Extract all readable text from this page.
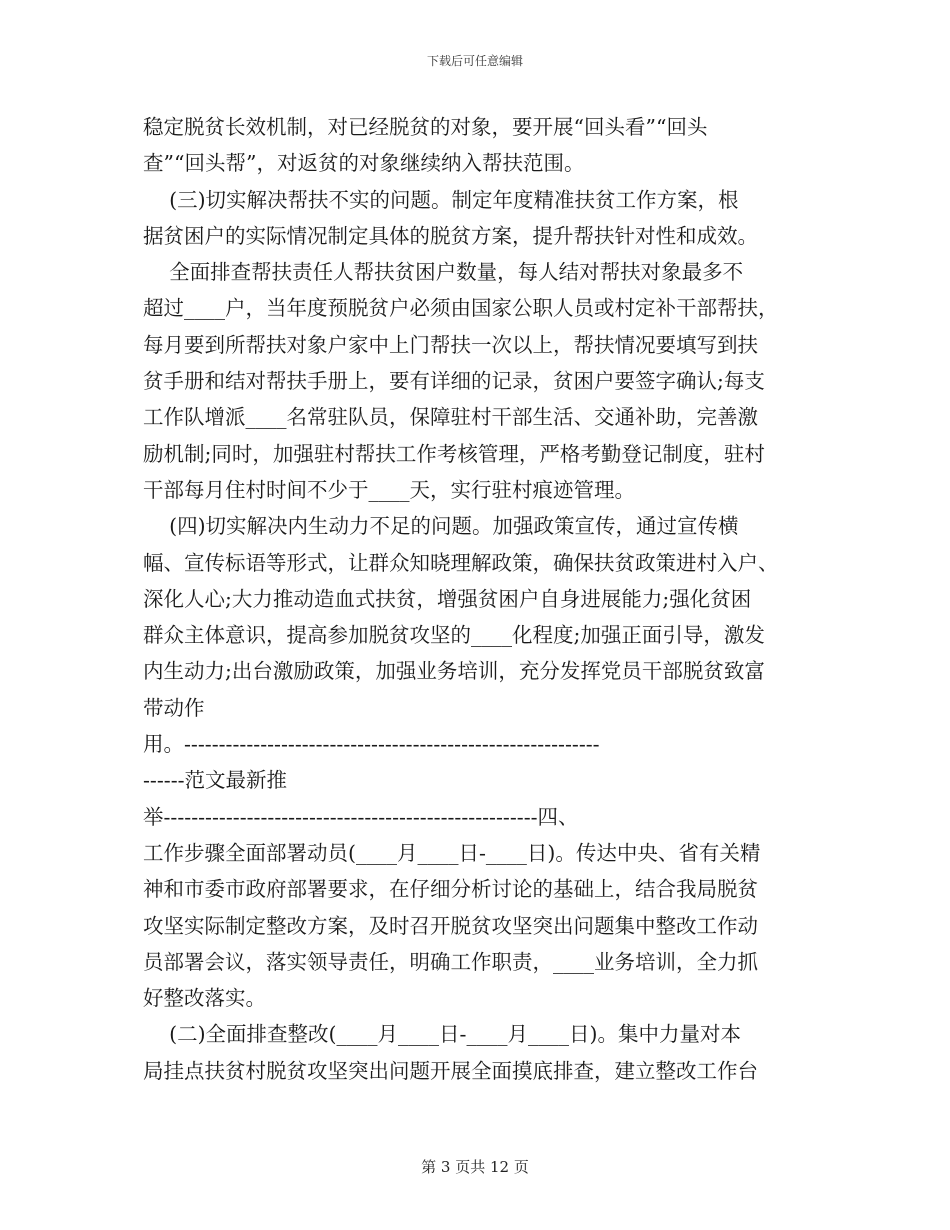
下载后可任意编辑
稳定脱贫长效机制，对已经脱贫的对象，要开展“回头看”“回头
查”“回头帮”，对返贫的对象继续纳入帮扶范围。
(三)切实解决帮扶不实的问题。制定年度精准扶贫工作方案，根
据贫困户的实际情况制定具体的脱贫方案，提升帮扶针对性和成效。
全面排查帮扶责任人帮扶贫困户数量，每人结对帮扶对象最多不
超过____户，当年度预脱贫户必须由国家公职人员或村定补干部帮扶，
每月要到所帮扶对象户家中上门帮扶一次以上，帮扶情况要填写到扶
贫手册和结对帮扶手册上，要有详细的记录，贫困户要签字确认;每支
工作队增派____名常驻队员，保障驻村干部生活、交通补助，完善激
励机制;同时，加强驻村帮扶工作考核管理，严格考勤登记制度，驻村
干部每月住村时间不少于____天，实行驻村痕迹管理。
(四)切实解决内生动力不足的问题。加强政策宣传，通过宣传横
幅、宣传标语等形式，让群众知晓理解政策，确保扶贫政策进村入户、
深化人心;大力推动造血式扶贫，增强贫困户自身进展能力;强化贫困
群众主体意识，提高参加脱贫攻坚的____化程度;加强正面引导，激发
内生动力;出台激励政策，加强业务培训，充分发挥党员干部脱贫致富
带动作
用。------------------------------------------------------------
------范文最新推
举------------------------------------------------------四、
工作步骤全面部署动员(____月____日-____日)。传达中央、省有关精
神和市委市政府部署要求，在仔细分析讨论的基础上，结合我局脱贫
攻坚实际制定整改方案，及时召开脱贫攻坚突出问题集中整改工作动
员部署会议，落实领导责任，明确工作职责，____业务培训，全力抓
好整改落实。
(二)全面排查整改(____月____日-____月____日)。集中力量对本
局挂点扶贫村脱贫攻坚突出问题开展全面摸底排查，建立整改工作台
第 3 页共 12 页
